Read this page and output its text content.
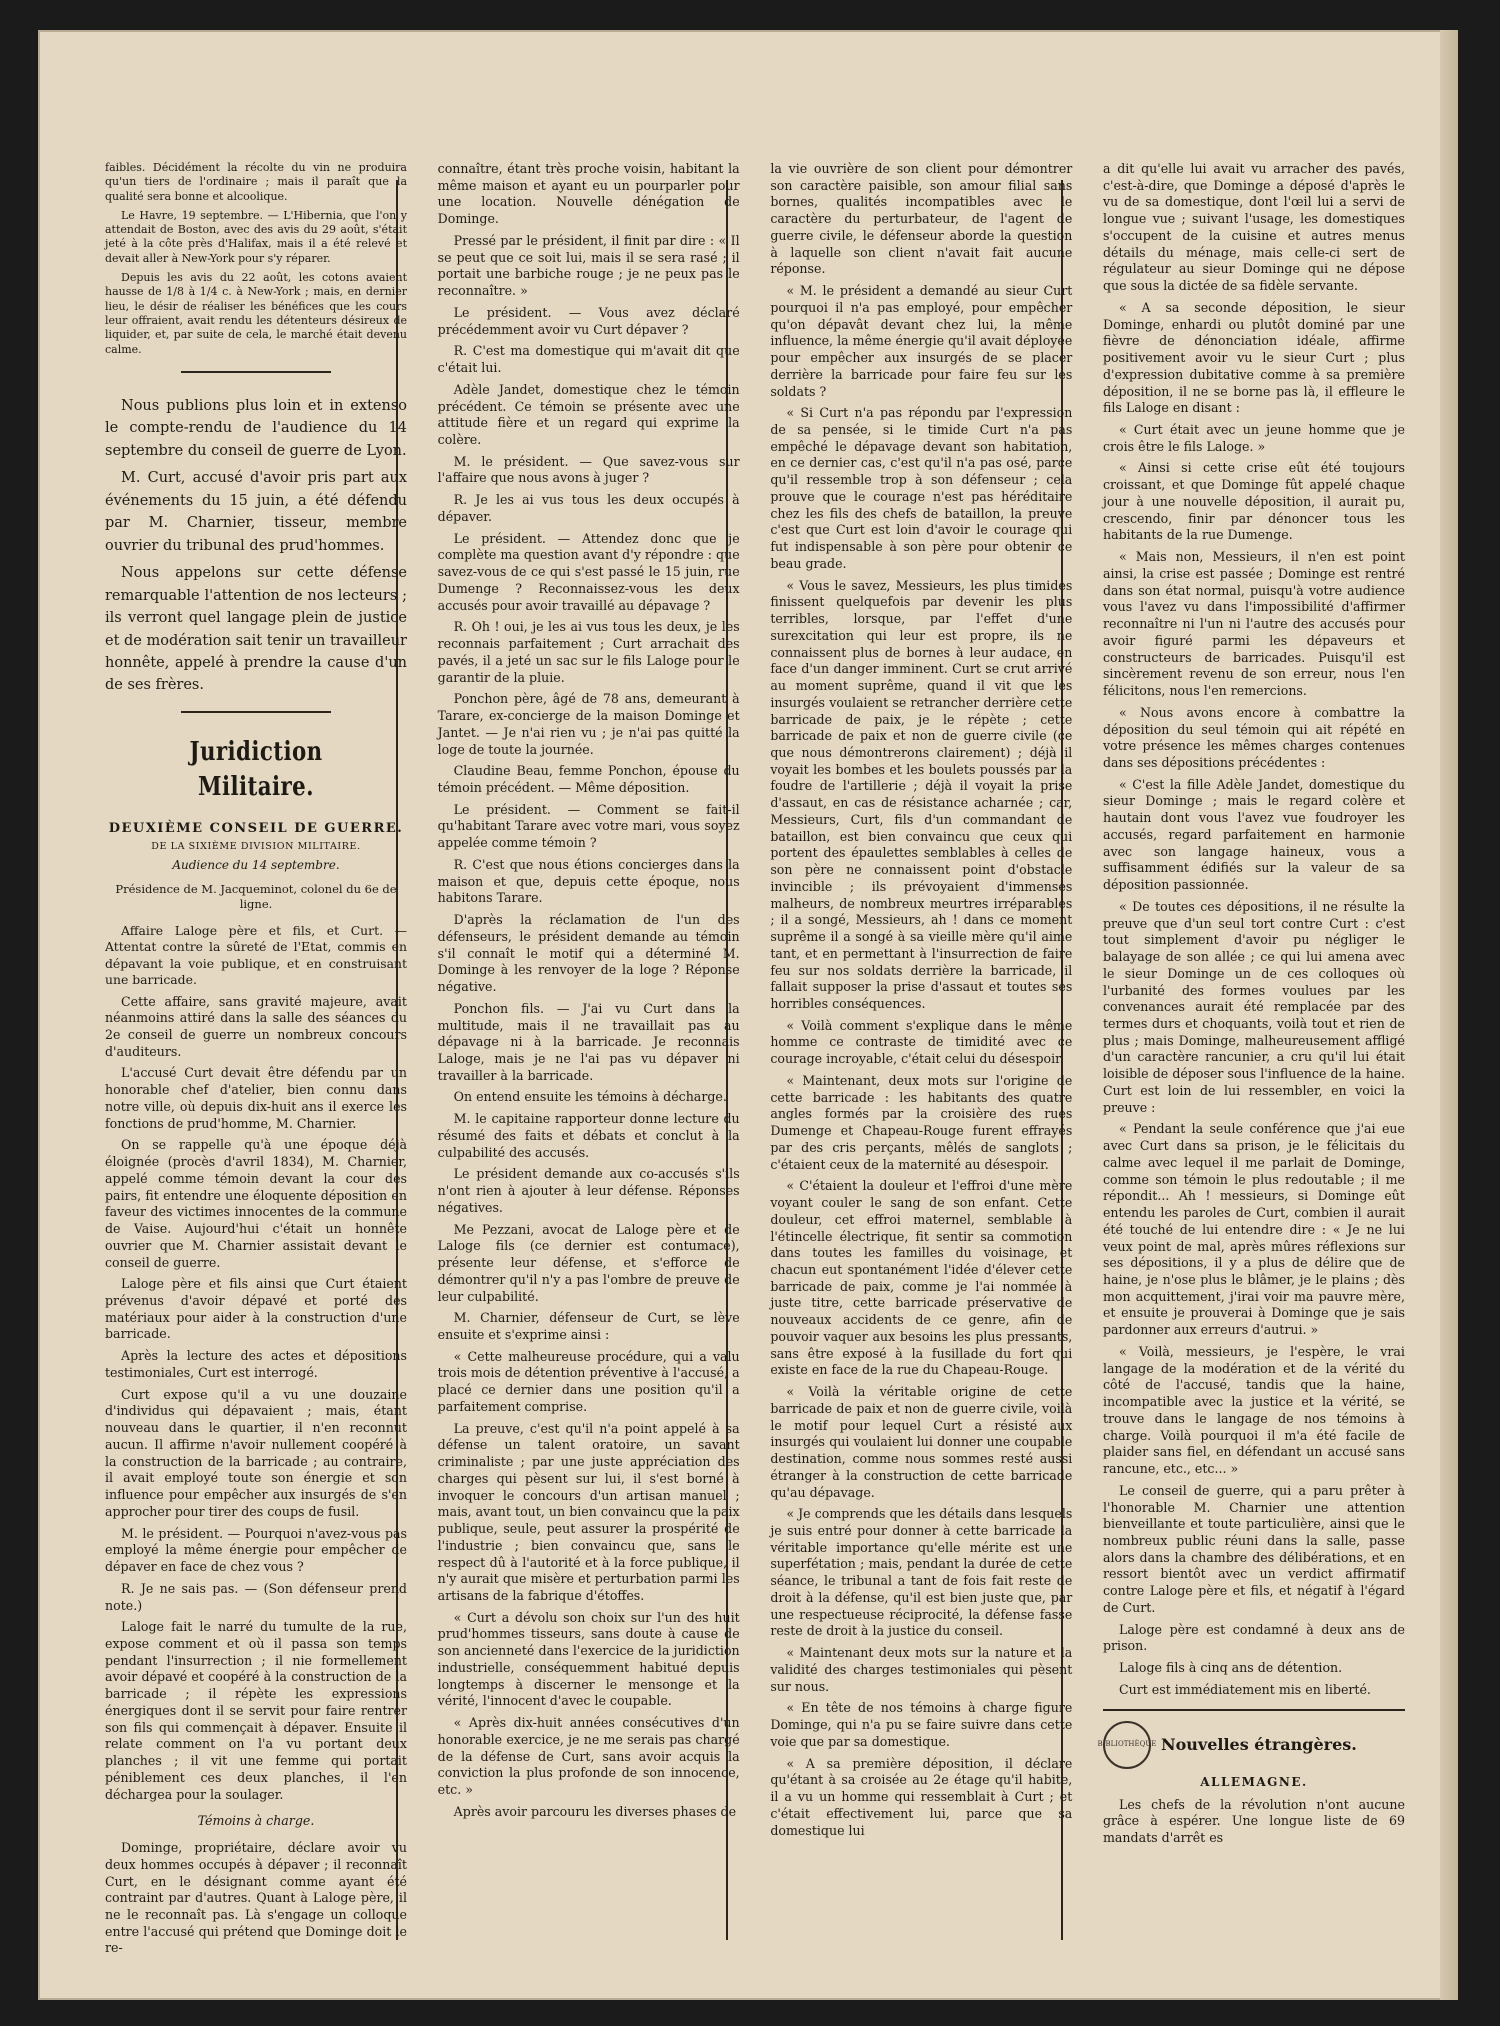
faibles. Décidément la récolte du vin ne produira qu'un tiers de l'ordinaire ; mais il paraît que la qualité sera bonne et alcoolique.

Le Havre, 19 septembre. — L'Hibernia, que l'on y attendait de Boston, avec des avis du 29 août, s'était jeté à la côte près d'Halifax, mais il a été relevé et devait aller à New-York pour s'y réparer.

Depuis les avis du 22 août, les cotons avaient hausse de 1/8 à 1/4 c. à New-York ; mais, en dernier lieu, le désir de réaliser les bénéfices que les cours leur offraient, avait rendu les détenteurs désireux de liquider, et, par suite de cela, le marché était devenu calme.

Nous publions plus loin et in extenso le compte-rendu de l'audience du 14 septembre du conseil de guerre de Lyon.

M. Curt, accusé d'avoir pris part aux événements du 15 juin, a été défendu par M. Charnier, tisseur, membre ouvrier du tribunal des prud'hommes.

Nous appelons sur cette défense remarquable l'attention de nos lecteurs ; ils verront quel langage plein de justice et de modération sait tenir un travailleur honnête, appelé à prendre la cause d'un de ses frères.

Juridiction Militaire.
DEUXIÈME CONSEIL DE GUERRE.
DE LA SIXIÈME DIVISION MILITAIRE.
Audience du 14 septembre.
Présidence de M. Jacqueminot, colonel du 6e de ligne.

Affaire Laloge père et fils, et Curt. — Attentat contre la sûreté de l'Etat, commis en dépavant la voie publique, et en construisant une barricade.

Cette affaire, sans gravité majeure, avait néanmoins attiré dans la salle des séances du 2e conseil de guerre un nombreux concours d'auditeurs.

L'accusé Curt devait être défendu par un honorable chef d'atelier, bien connu dans notre ville, où depuis dix-huit ans il exerce les fonctions de prud'homme, M. Charnier.

On se rappelle qu'à une époque déjà éloignée (procès d'avril 1834), M. Charnier, appelé comme témoin devant la cour des pairs, fit entendre une éloquente déposition en faveur des victimes innocentes de la commune de Vaise. Aujourd'hui c'était un honnête ouvrier que M. Charnier assistait devant le conseil de guerre.

Laloge père et fils ainsi que Curt étaient prévenus d'avoir dépavé et porté des matériaux pour aider à la construction d'une barricade.

Après la lecture des actes et dépositions testimoniales, Curt est interrogé.

Curt expose qu'il a vu une douzaine d'individus qui dépavaient ; mais, étant nouveau dans le quartier, il n'en reconnut aucun. Il affirme n'avoir nullement coopéré à la construction de la barricade ; au contraire, il avait employé toute son énergie et son influence pour empêcher aux insurgés de s'en approcher pour tirer des coups de fusil.

M. le président. — Pourquoi n'avez-vous pas employé la même énergie pour empêcher de dépaver en face de chez vous ?

R. Je ne sais pas. — (Son défenseur prend note.)

Laloge fait le narré du tumulte de la rue, expose comment et où il passa son temps pendant l'insurrection ; il nie formellement avoir dépavé et coopéré à la construction de la barricade ; il répète les expressions énergiques dont il se servit pour faire rentrer son fils qui commençait à dépaver. Ensuite il relate comment on l'a vu portant deux planches ; il vit une femme qui portait péniblement ces deux planches, il l'en déchargea pour la soulager.

Témoins à charge.

Dominge, propriétaire, déclare avoir vu deux hommes occupés à dépaver ; il reconnaît Curt, en le désignant comme ayant été contraint par d'autres. Quant à Laloge père, il ne le reconnaît pas. Là s'engage un colloque entre l'accusé qui prétend que Dominge doit le re-

connaître, étant très proche voisin, habitant la même maison et ayant eu un pourparler pour une location. Nouvelle dénégation de Dominge.

Pressé par le président, il finit par dire : « Il se peut que ce soit lui, mais il se sera rasé ; il portait une barbiche rouge ; je ne peux pas le reconnaître. »

Le président. — Vous avez déclaré précédemment avoir vu Curt dépaver ?

R. C'est ma domestique qui m'avait dit que c'était lui.

Adèle Jandet, domestique chez le témoin précédent. Ce témoin se présente avec une attitude fière et un regard qui exprime la colère.

M. le président. — Que savez-vous sur l'affaire que nous avons à juger ?

R. Je les ai vus tous les deux occupés à dépaver.

Le président. — Attendez donc que je complète ma question avant d'y répondre : que savez-vous de ce qui s'est passé le 15 juin, rue Dumenge ? Reconnaissez-vous les deux accusés pour avoir travaillé au dépavage ?

R. Oh ! oui, je les ai vus tous les deux, je les reconnais parfaitement ; Curt arrachait des pavés, il a jeté un sac sur le fils Laloge pour le garantir de la pluie.

Ponchon père, âgé de 78 ans, demeurant à Tarare, ex-concierge de la maison Dominge et Jantet. — Je n'ai rien vu ; je n'ai pas quitté la loge de toute la journée.

Claudine Beau, femme Ponchon, épouse du témoin précédent. — Même déposition.

Le président. — Comment se fait-il qu'habitant Tarare avec votre mari, vous soyez appelée comme témoin ?

R. C'est que nous étions concierges dans la maison et que, depuis cette époque, nous habitons Tarare.

D'après la réclamation de l'un des défenseurs, le président demande au témoin s'il connaît le motif qui a déterminé M. Dominge à les renvoyer de la loge ? Réponse négative.

Ponchon fils. — J'ai vu Curt dans la multitude, mais il ne travaillait pas au dépavage ni à la barricade. Je reconnais Laloge, mais je ne l'ai pas vu dépaver ni travailler à la barricade.

On entend ensuite les témoins à décharge.

M. le capitaine rapporteur donne lecture du résumé des faits et débats et conclut à la culpabilité des accusés.

Le président demande aux co-accusés s'ils n'ont rien à ajouter à leur défense. Réponses négatives.

Me Pezzani, avocat de Laloge père et de Laloge fils (ce dernier est contumace), présente leur défense, et s'efforce de démontrer qu'il n'y a pas l'ombre de preuve de leur culpabilité.

M. Charnier, défenseur de Curt, se lève ensuite et s'exprime ainsi :

« Cette malheureuse procédure, qui a valu trois mois de détention préventive à l'accusé, a placé ce dernier dans une position qu'il a parfaitement comprise.

La preuve, c'est qu'il n'a point appelé à sa défense un talent oratoire, un savant criminaliste ; par une juste appréciation des charges qui pèsent sur lui, il s'est borné à invoquer le concours d'un artisan manuel ; mais, avant tout, un bien convaincu que la paix publique, seule, peut assurer la prospérité de l'industrie ; bien convaincu que, sans le respect dû à l'autorité et à la force publique, il n'y aurait que misère et perturbation parmi les artisans de la fabrique d'étoffes.

« Curt a dévolu son choix sur l'un des huit prud'hommes tisseurs, sans doute à cause de son ancienneté dans l'exercice de la juridiction industrielle, conséquemment habitué depuis longtemps à discerner le mensonge et la vérité, l'innocent d'avec le coupable.

« Après dix-huit années consécutives d'un honorable exercice, je ne me serais pas chargé de la défense de Curt, sans avoir acquis la conviction la plus profonde de son innocence, etc. »

Après avoir parcouru les diverses phases de

la vie ouvrière de son client pour démontrer son caractère paisible, son amour filial sans bornes, qualités incompatibles avec le caractère du perturbateur, de l'agent de guerre civile, le défenseur aborde la question à laquelle son client n'avait fait aucune réponse.

« M. le président a demandé au sieur Curt pourquoi il n'a pas employé, pour empêcher qu'on dépavât devant chez lui, la même influence, la même énergie qu'il avait déployée pour empêcher aux insurgés de se placer derrière la barricade pour faire feu sur les soldats ?

« Si Curt n'a pas répondu par l'expression de sa pensée, si le timide Curt n'a pas empêché le dépavage devant son habitation, en ce dernier cas, c'est qu'il n'a pas osé, parce qu'il ressemble trop à son défenseur ; cela prouve que le courage n'est pas héréditaire chez les fils des chefs de bataillon, la preuve c'est que Curt est loin d'avoir le courage qui fut indispensable à son père pour obtenir ce beau grade.

« Vous le savez, Messieurs, les plus timides finissent quelquefois par devenir les plus terribles, lorsque, par l'effet d'une surexcitation qui leur est propre, ils ne connaissent plus de bornes à leur audace, en face d'un danger imminent. Curt se crut arrivé au moment suprême, quand il vit que les insurgés voulaient se retrancher derrière cette barricade de paix, je le répète ; cette barricade de paix et non de guerre civile (ce que nous démontrerons clairement) ; déjà il voyait les bombes et les boulets poussés par la foudre de l'artillerie ; déjà il voyait la prise d'assaut, en cas de résistance acharnée ; car, Messieurs, Curt, fils d'un commandant de bataillon, est bien convaincu que ceux qui portent des épaulettes semblables à celles de son père ne connaissent point d'obstacle invincible ; ils prévoyaient d'immenses malheurs, de nombreux meurtres irréparables ; il a songé, Messieurs, ah ! dans ce moment suprême il a songé à sa vieille mère qu'il aime tant, et en permettant à l'insurrection de faire feu sur nos soldats derrière la barricade, il fallait supposer la prise d'assaut et toutes ses horribles conséquences.

« Voilà comment s'explique dans le même homme ce contraste de timidité avec ce courage incroyable, c'était celui du désespoir.

« Maintenant, deux mots sur l'origine de cette barricade : les habitants des quatre angles formés par la croisière des rues Dumenge et Chapeau-Rouge furent effrayés par des cris perçants, mêlés de sanglots ; c'étaient ceux de la maternité au désespoir.

« C'étaient la douleur et l'effroi d'une mère voyant couler le sang de son enfant. Cette douleur, cet effroi maternel, semblable à l'étincelle électrique, fit sentir sa commotion dans toutes les familles du voisinage, et chacun eut spontanément l'idée d'élever cette barricade de paix, comme je l'ai nommée à juste titre, cette barricade préservative de nouveaux accidents de ce genre, afin de pouvoir vaquer aux besoins les plus pressants, sans être exposé à la fusillade du fort qui existe en face de la rue du Chapeau-Rouge.

« Voilà la véritable origine de cette barricade de paix et non de guerre civile, voilà le motif pour lequel Curt a résisté aux insurgés qui voulaient lui donner une coupable destination, comme nous sommes resté aussi étranger à la construction de cette barricade qu'au dépavage.

« Je comprends que les détails dans lesquels je suis entré pour donner à cette barricade la véritable importance qu'elle mérite est une superfétation ; mais, pendant la durée de cette séance, le tribunal a tant de fois fait reste de droit à la défense, qu'il est bien juste que, par une respectueuse réciprocité, la défense fasse reste de droit à la justice du conseil.

« Maintenant deux mots sur la nature et la validité des charges testimoniales qui pèsent sur nous.

« En tête de nos témoins à charge figure Dominge, qui n'a pu se faire suivre dans cette voie que par sa domestique.

« A sa première déposition, il déclare qu'étant à sa croisée au 2e étage qu'il habite, il a vu un homme qui ressemblait à Curt ; et c'était effectivement lui, parce que sa domestique lui

a dit qu'elle lui avait vu arracher des pavés, c'est-à-dire, que Dominge a déposé d'après le vu de sa domestique, dont l'œil lui a servi de longue vue ; suivant l'usage, les domestiques s'occupent de la cuisine et autres menus détails du ménage, mais celle-ci sert de régulateur au sieur Dominge qui ne dépose que sous la dictée de sa fidèle servante.

« A sa seconde déposition, le sieur Dominge, enhardi ou plutôt dominé par une fièvre de dénonciation idéale, affirme positivement avoir vu le sieur Curt ; plus d'expression dubitative comme à sa première déposition, il ne se borne pas là, il effleure le fils Laloge en disant :

« Curt était avec un jeune homme que je crois être le fils Laloge. »

« Ainsi si cette crise eût été toujours croissant, et que Dominge fût appelé chaque jour à une nouvelle déposition, il aurait pu, crescendo, finir par dénoncer tous les habitants de la rue Dumenge.

« Mais non, Messieurs, il n'en est point ainsi, la crise est passée ; Dominge est rentré dans son état normal, puisqu'à votre audience vous l'avez vu dans l'impossibilité d'affirmer reconnaître ni l'un ni l'autre des accusés pour avoir figuré parmi les dépaveurs et constructeurs de barricades. Puisqu'il est sincèrement revenu de son erreur, nous l'en félicitons, nous l'en remercions.

« Nous avons encore à combattre la déposition du seul témoin qui ait répété en votre présence les mêmes charges contenues dans ses dépositions précédentes :

« C'est la fille Adèle Jandet, domestique du sieur Dominge ; mais le regard colère et hautain dont vous l'avez vue foudroyer les accusés, regard parfaitement en harmonie avec son langage haineux, vous a suffisamment édifiés sur la valeur de sa déposition passionnée.

« De toutes ces dépositions, il ne résulte la preuve que d'un seul tort contre Curt : c'est tout simplement d'avoir pu négliger le balayage de son allée ; ce qui lui amena avec le sieur Dominge un de ces colloques où l'urbanité des formes voulues par les convenances aurait été remplacée par des termes durs et choquants, voilà tout et rien de plus ; mais Dominge, malheureusement affligé d'un caractère rancunier, a cru qu'il lui était loisible de déposer sous l'influence de la haine. Curt est loin de lui ressembler, en voici la preuve :

« Pendant la seule conférence que j'ai eue avec Curt dans sa prison, je le félicitais du calme avec lequel il me parlait de Dominge, comme son témoin le plus redoutable ; il me répondit... Ah ! messieurs, si Dominge eût entendu les paroles de Curt, combien il aurait été touché de lui entendre dire : « Je ne lui veux point de mal, après mûres réflexions sur ses dépositions, il y a plus de délire que de haine, je n'ose plus le blâmer, je le plains ; dès mon acquittement, j'irai voir ma pauvre mère, et ensuite je prouverai à Dominge que je sais pardonner aux erreurs d'autrui. »

« Voilà, messieurs, je l'espère, le vrai langage de la modération et de la vérité du côté de l'accusé, tandis que la haine, incompatible avec la justice et la vérité, se trouve dans le langage de nos témoins à charge. Voilà pourquoi il m'a été facile de plaider sans fiel, en défendant un accusé sans rancune, etc., etc... »

Le conseil de guerre, qui a paru prêter à l'honorable M. Charnier une attention bienveillante et toute particulière, ainsi que le nombreux public réuni dans la salle, passe alors dans la chambre des délibérations, et en ressort bientôt avec un verdict affirmatif contre Laloge père et fils, et négatif à l'égard de Curt.

Laloge père est condamné à deux ans de prison.

Laloge fils à cinq ans de détention.

Curt est immédiatement mis en liberté.

BIBLIOTHÈQUE Nouvelles étrangères.
ALLEMAGNE.

Les chefs de la révolution n'ont aucune grâce à espérer. Une longue liste de 69 mandats d'arrêt es
